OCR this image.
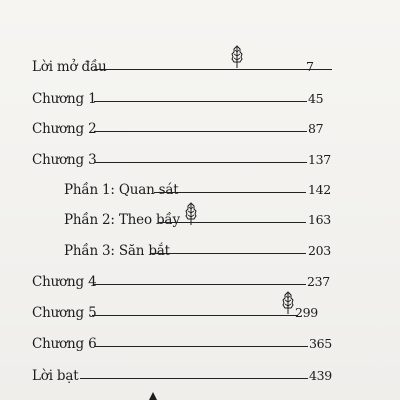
Lời mở đầu	7
Chương 1	45
Chương 2	87
Chương 3	137
Phần 1: Quan sát	142
Phần 2: Theo bầy	163
Phần 3: Săn bắt	203
Chương 4	237
Chương 5	299
Chương 6	365
Lời bạt	439
